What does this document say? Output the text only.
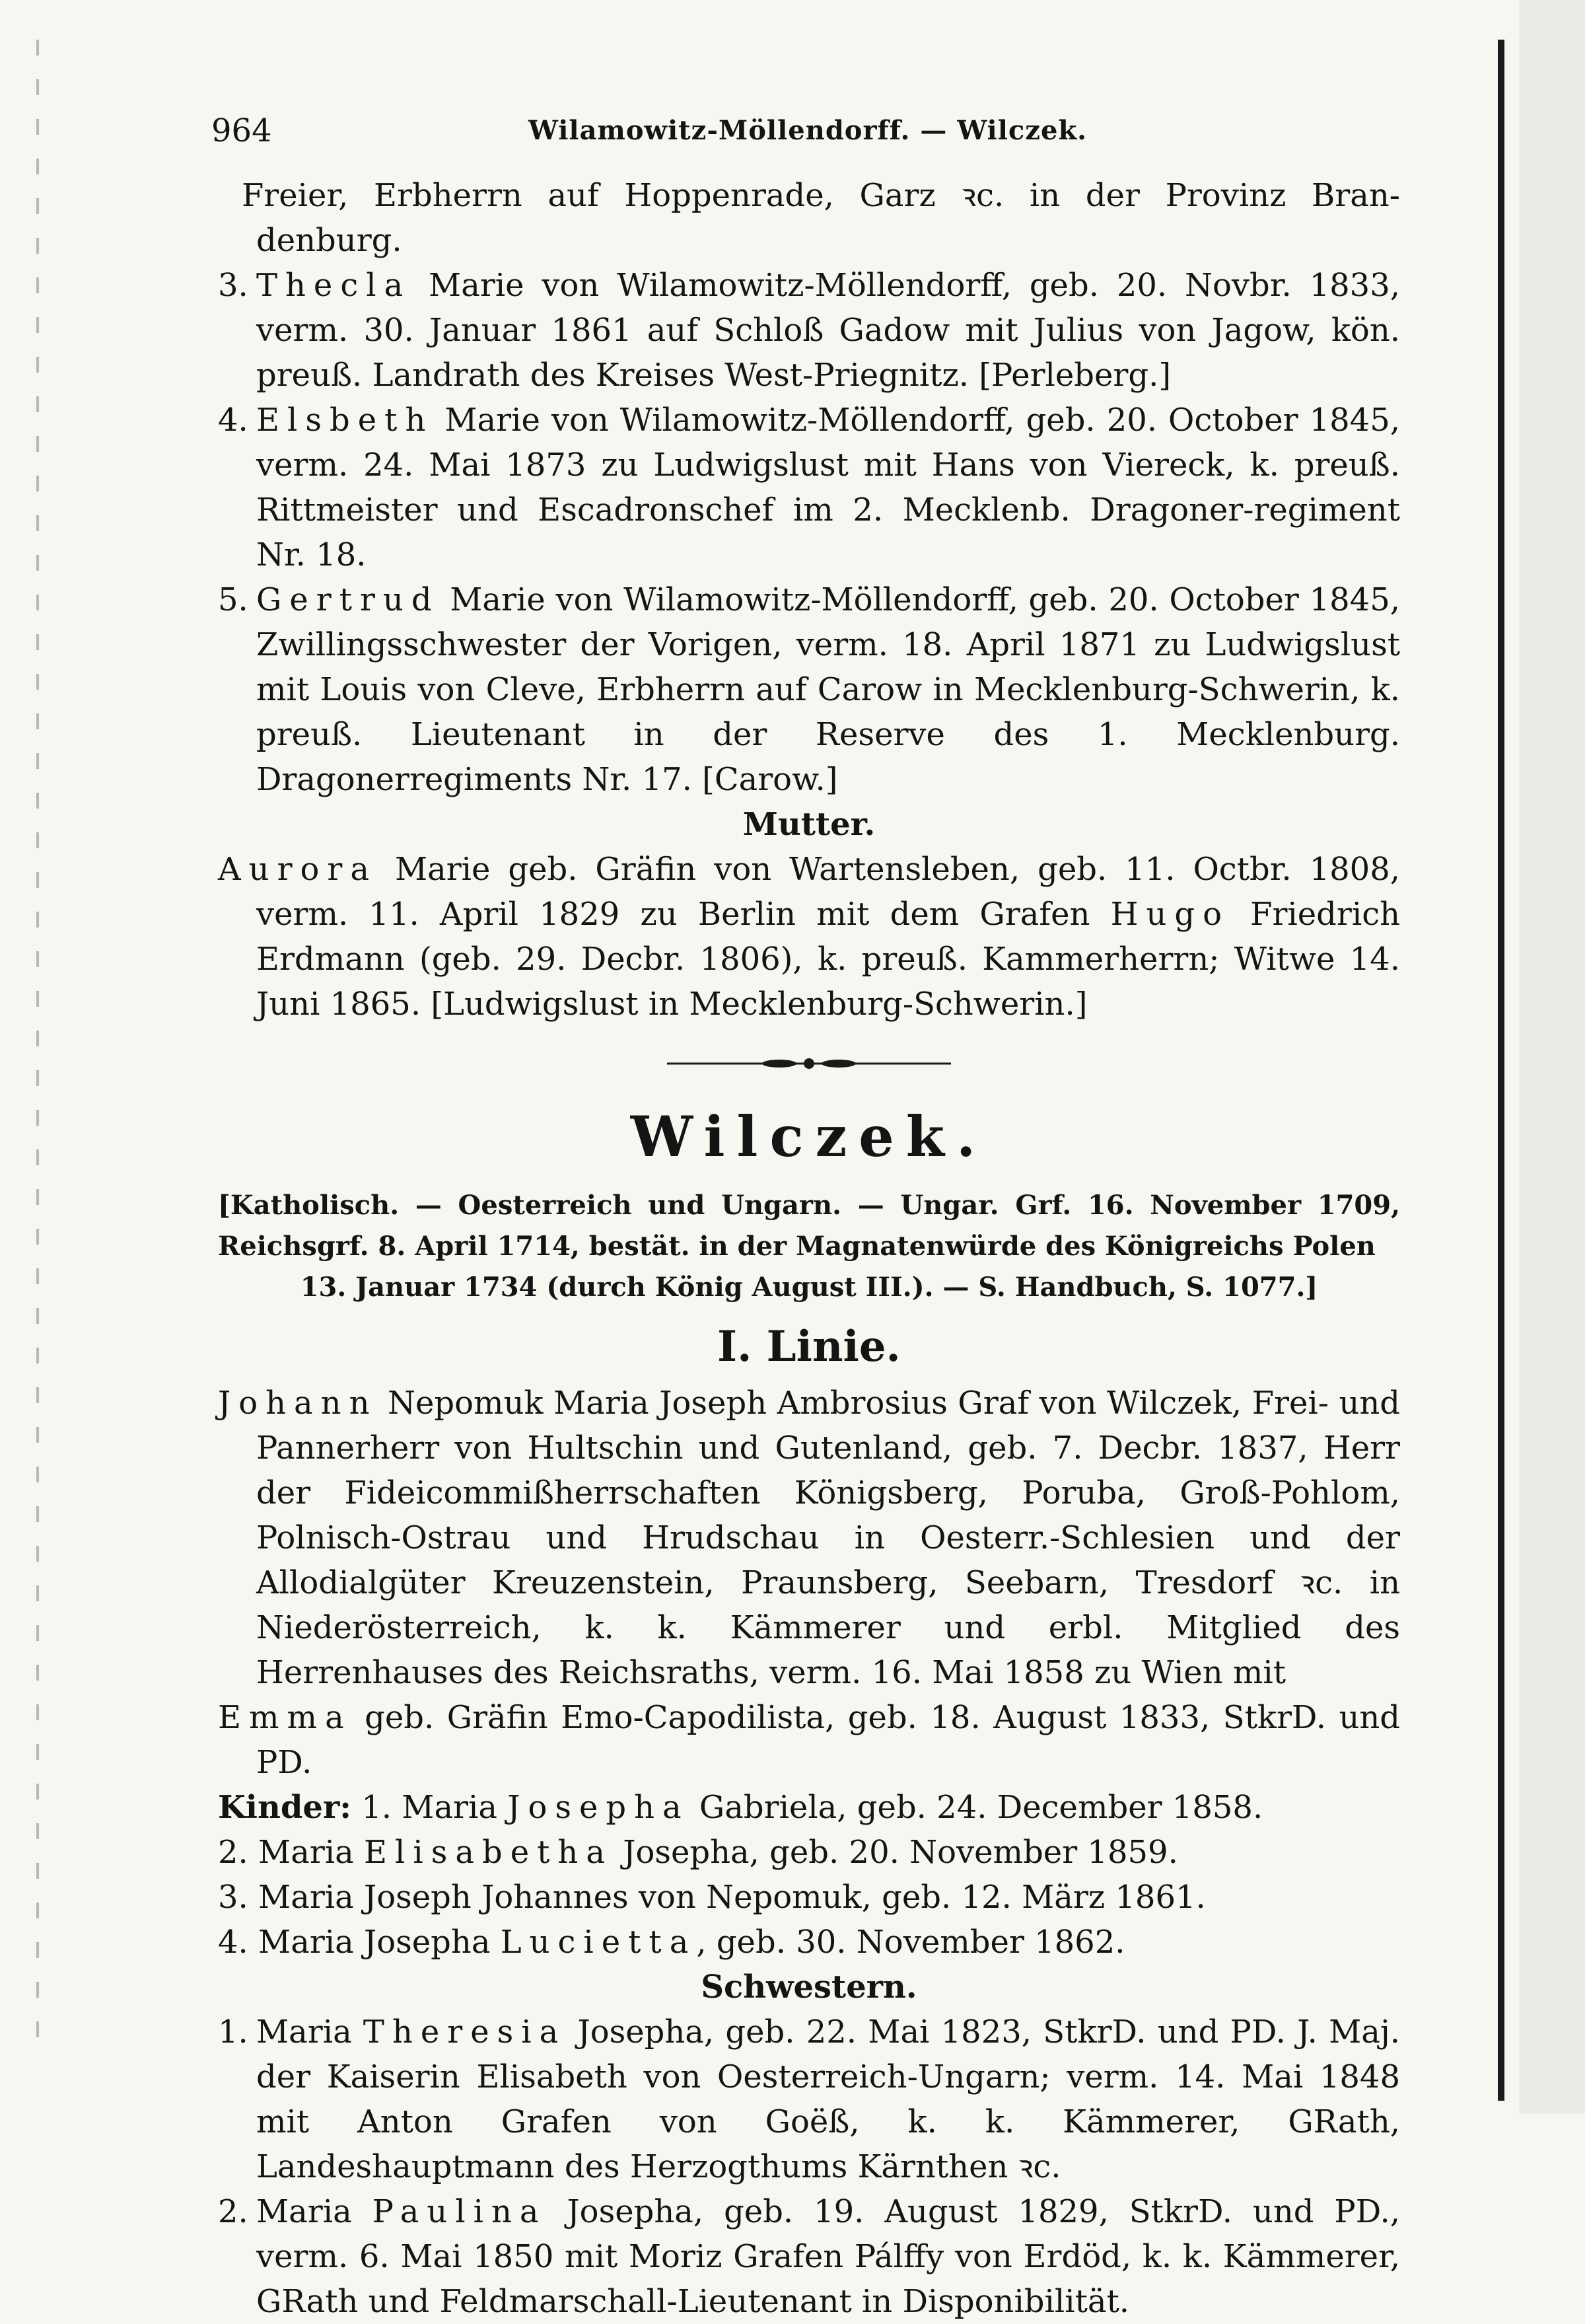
964	Wilamowitz-Möllendorff. — Wilczek.

Freier, Erbherrn auf Hoppenrade, Garz ꝛc. in der Provinz Bran- denburg.

3. Thecla Marie von Wilamowitz-Möllendorff, geb. 20. Novbr. 1833, verm. 30. Januar 1861 auf Schloß Gadow mit Julius von Jagow, kön. preuß. Landrath des Kreises West-Priegnitz. [Perleberg.]

4. Elsbeth Marie von Wilamowitz-Möllendorff, geb. 20. October 1845, verm. 24. Mai 1873 zu Ludwigslust mit Hans von Viereck, k. preuß. Rittmeister und Escadronschef im 2. Mecklenb. Dragoner-regiment Nr. 18.

5. Gertrud Marie von Wilamowitz-Möllendorff, geb. 20. October 1845, Zwillingsschwester der Vorigen, verm. 18. April 1871 zu Ludwigslust mit Louis von Cleve, Erbherrn auf Carow in Mecklenburg-Schwerin, k. preuß. Lieutenant in der Reserve des 1. Mecklenburg. Dragonerregiments Nr. 17. [Carow.]

Mutter.

Aurora Marie geb. Gräfin von Wartensleben, geb. 11. Octbr. 1808, verm. 11. April 1829 zu Berlin mit dem Grafen Hugo Friedrich Erdmann (geb. 29. Decbr. 1806), k. preuß. Kammerherrn; Witwe 14. Juni 1865. [Ludwigslust in Mecklenburg-Schwerin.]

Wilczek.

[Katholisch. — Oesterreich und Ungarn. — Ungar. Grf. 16. November 1709, Reichsgrf. 8. April 1714, bestät. in der Magnatenwürde des Königreichs Polen
13. Januar 1734 (durch König August III.). — S. Handbuch, S. 1077.]

I. Linie.

Johann Nepomuk Maria Joseph Ambrosius Graf von Wilczek, Frei- und Pannerherr von Hultschin und Gutenland, geb. 7. Decbr. 1837, Herr der Fideicommißherrschaften Königsberg, Poruba, Groß-Pohlom, Polnisch-Ostrau und Hrudschau in Oesterr.-Schlesien und der Allodialgüter Kreuzenstein, Praunsberg, Seebarn, Tresdorf ꝛc. in Niederösterreich, k. k. Kämmerer und erbl. Mitglied des Herrenhauses des Reichsraths, verm. 16. Mai 1858 zu Wien mit

Emma geb. Gräfin Emo-Capodilista, geb. 18. August 1833, StkrD. und PD.

Kinder: 1. Maria Josepha Gabriela, geb. 24. December 1858.

2. Maria Elisabetha Josepha, geb. 20. November 1859.

3. Maria Joseph Johannes von Nepomuk, geb. 12. März 1861.

4. Maria Josepha Lucietta, geb. 30. November 1862.

Schwestern.

1. Maria Theresia Josepha, geb. 22. Mai 1823, StkrD. und PD. J. Maj. der Kaiserin Elisabeth von Oesterreich-Ungarn; verm. 14. Mai 1848 mit Anton Grafen von Goëß, k. k. Kämmerer, GRath, Landeshauptmann des Herzogthums Kärnthen ꝛc.

2. Maria Paulina Josepha, geb. 19. August 1829, StkrD. und PD., verm. 6. Mai 1850 mit Moriz Grafen Pálffy von Erdöd, k. k. Kämmerer, GRath und Feldmarschall-Lieutenant in Disponibilität.
